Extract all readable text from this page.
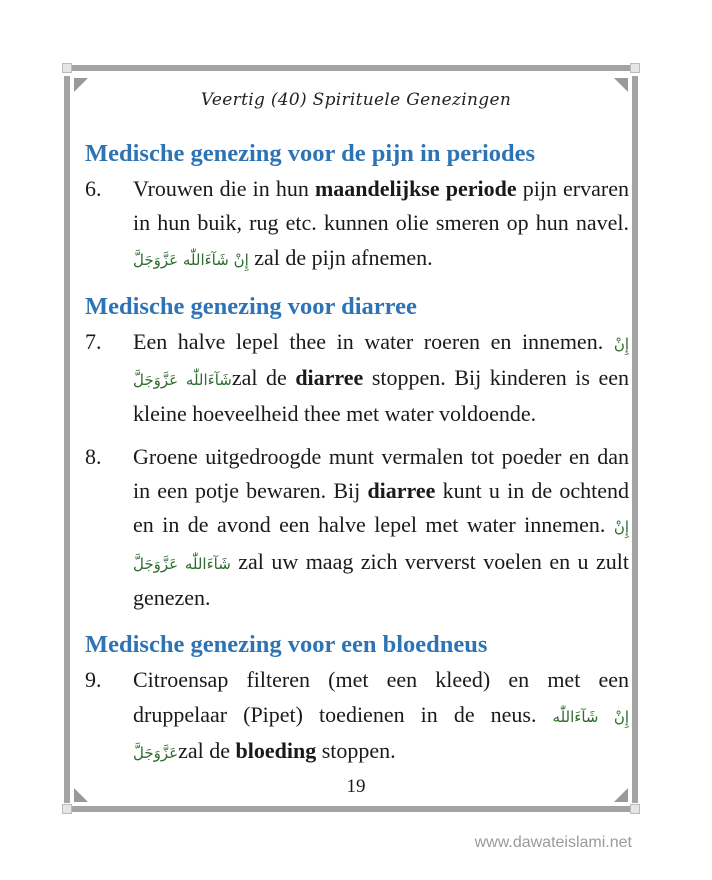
Veertig (40) Spirituele Genezingen
Medische genezing voor de pijn in periodes
6.	Vrouwen die in hun maandelijkse periode pijn ervaren in hun buik, rug etc. kunnen olie smeren op hun navel. إِنْ شَآءَاللّٰه عَزَّوَجَلَّ zal de pijn afnemen.
Medische genezing voor diarree
7.	Een halve lepel thee in water roeren en innemen. إِنْ شَآءَاللّٰه عَزَّوَجَلَّzal de diarree stoppen. Bij kinderen is een kleine hoeveelheid thee met water voldoende.
8.	Groene uitgedroogde munt vermalen tot poeder en dan in een potje bewaren. Bij diarree kunt u in de ochtend en in de avond een halve lepel met water innemen. إِنْ شَآءَاللّٰه عَزَّوَجَلَّ zal uw maag zich ververst voelen en u zult genezen.
Medische genezing voor een bloedneus
9.	Citroensap filteren (met een kleed) en met een druppelaar (Pipet) toedienen in de neus. إِنْ شَآءَاللّٰه عَزَّوَجَلَّzal de bloeding stoppen.
19
www.dawateislami.net
